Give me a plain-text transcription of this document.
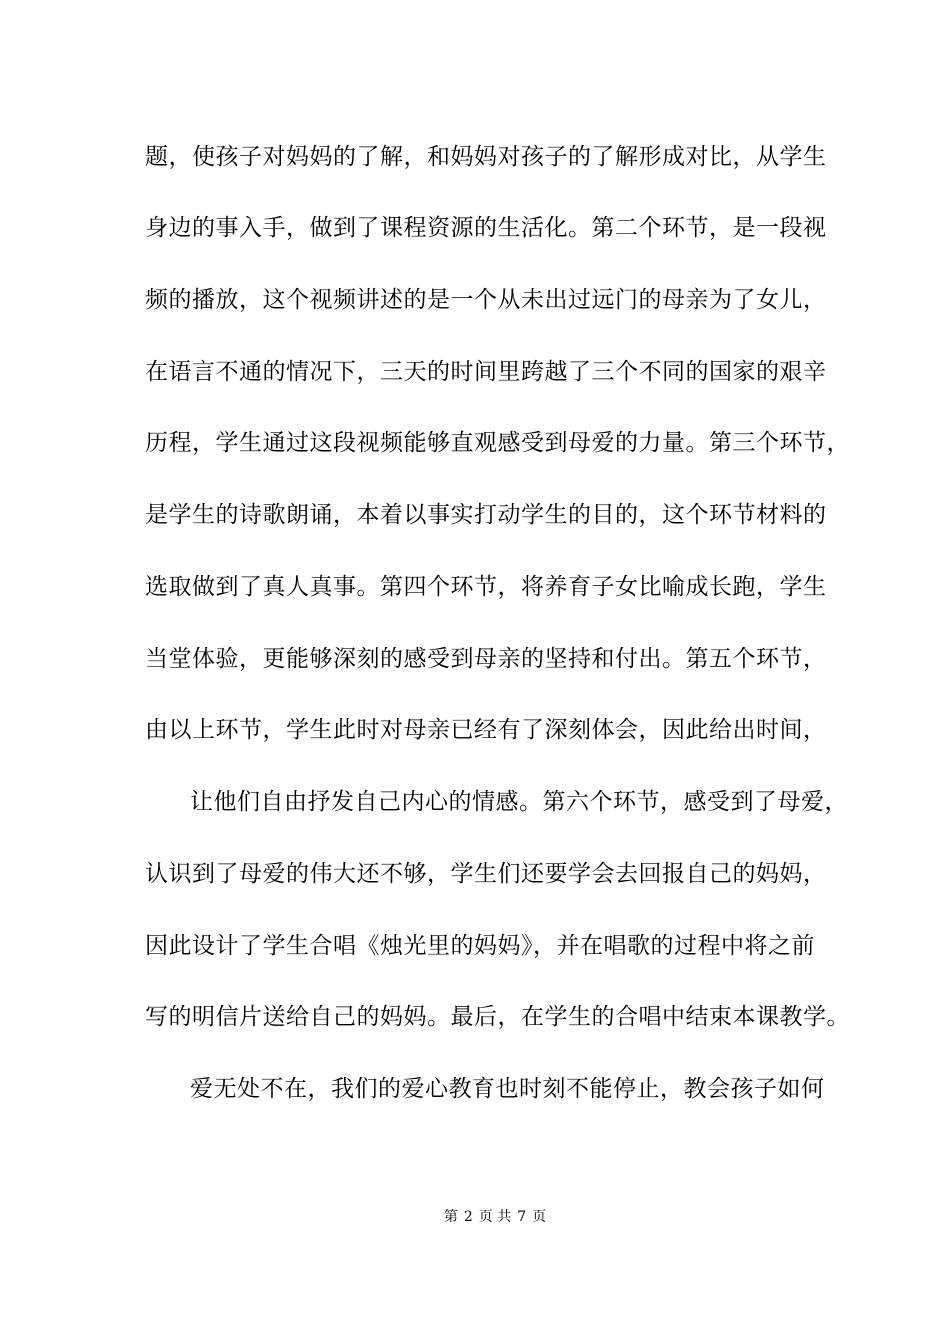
题，使孩子对妈妈的了解，和妈妈对孩子的了解形成对比，从学生
身边的事入手，做到了课程资源的生活化。第二个环节，是一段视
频的播放，这个视频讲述的是一个从未出过远门的母亲为了女儿，
在语言不通的情况下，三天的时间里跨越了三个不同的国家的艰辛
历程，学生通过这段视频能够直观感受到母爱的力量。第三个环节，
是学生的诗歌朗诵，本着以事实打动学生的目的，这个环节材料的
选取做到了真人真事。第四个环节，将养育子女比喻成长跑，学生
当堂体验，更能够深刻的感受到母亲的坚持和付出。第五个环节，
由以上环节，学生此时对母亲已经有了深刻体会，因此给出时间，
让他们自由抒发自己内心的情感。第六个环节，感受到了母爱，
认识到了母爱的伟大还不够，学生们还要学会去回报自己的妈妈，
因此设计了学生合唱《烛光里的妈妈》，并在唱歌的过程中将之前
写的明信片送给自己的妈妈。最后，在学生的合唱中结束本课教学。
爱无处不在，我们的爱心教育也时刻不能停止，教会孩子如何
第 2 页 共 7 页
